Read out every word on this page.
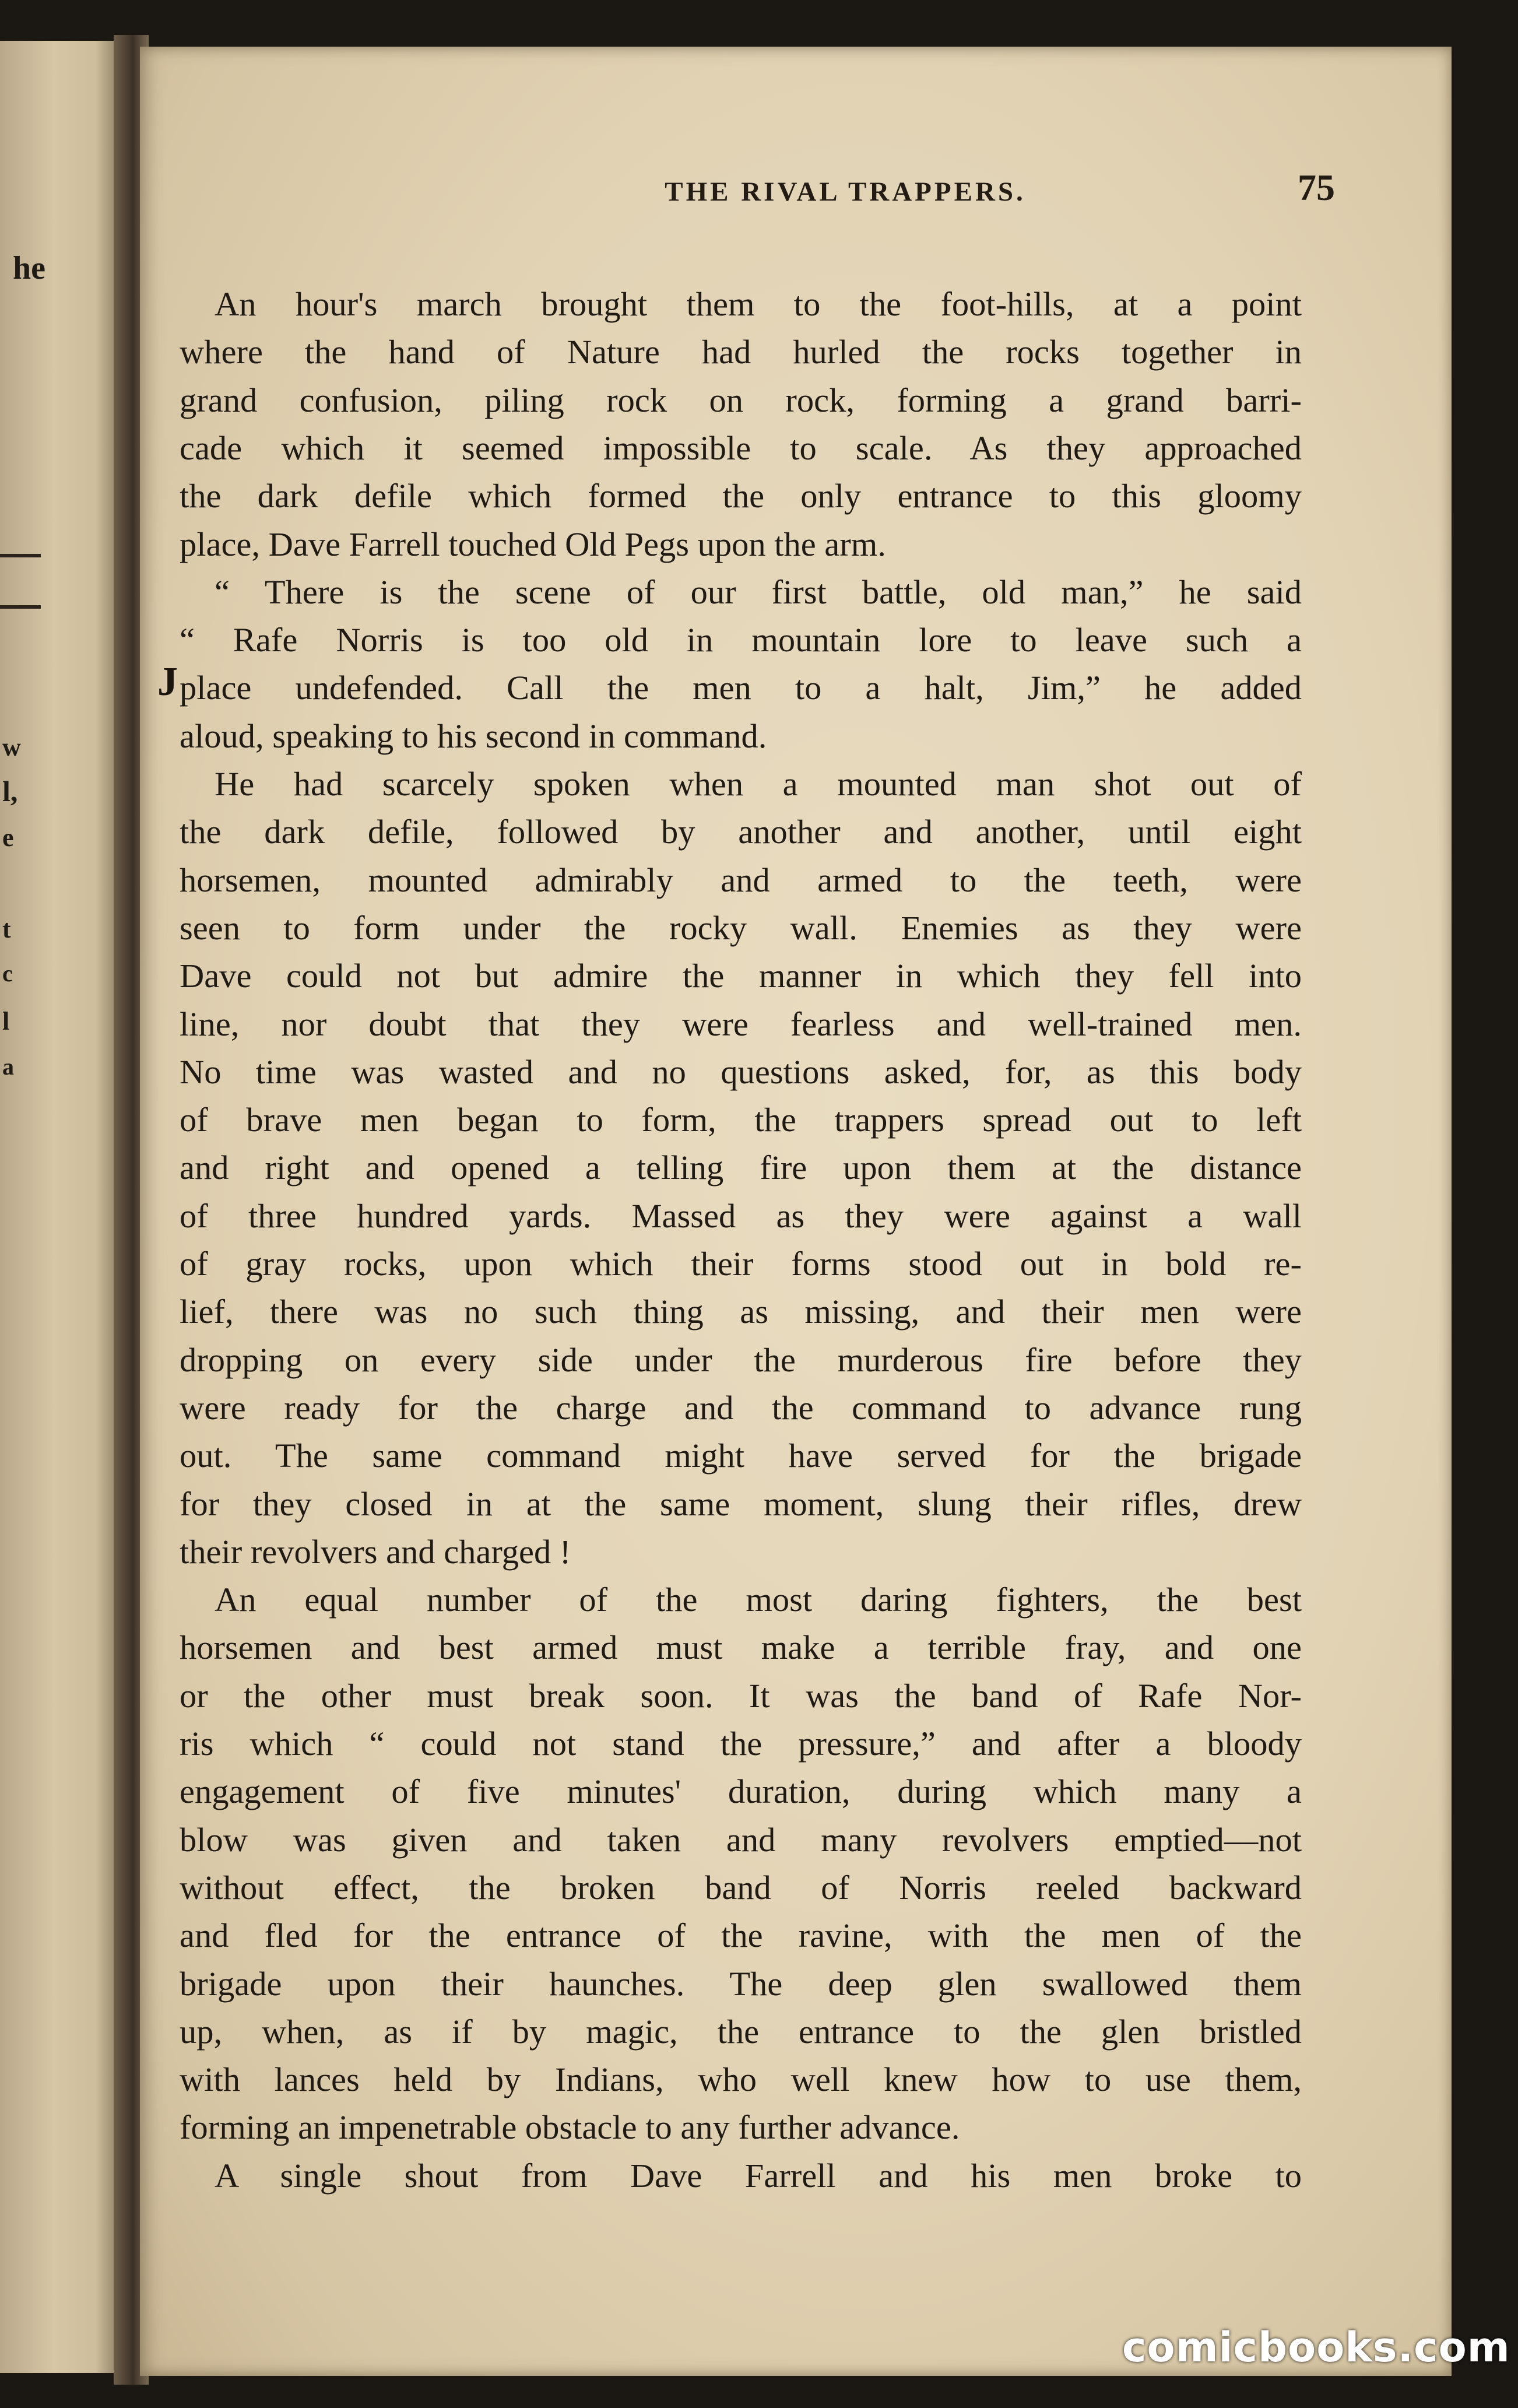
he
w
l,
e
t
c
l
a
THE RIVAL TRAPPERS.	75
J
An hour's march brought them to the foot-hills, at a point
where the hand of Nature had hurled the rocks together in
grand confusion, piling rock on rock, forming a grand barri-
cade which it seemed impossible to scale. As they approached
the dark defile which formed the only entrance to this gloomy
place, Dave Farrell touched Old Pegs upon the arm.
“ There is the scene of our first battle, old man,” he said
“ Rafe Norris is too old in mountain lore to leave such a
place undefended. Call the men to a halt, Jim,” he added
aloud, speaking to his second in command.
He had scarcely spoken when a mounted man shot out of
the dark defile, followed by another and another, until eight
horsemen, mounted admirably and armed to the teeth, were
seen to form under the rocky wall. Enemies as they were
Dave could not but admire the manner in which they fell into
line, nor doubt that they were fearless and well-trained men.
No time was wasted and no questions asked, for, as this body
of brave men began to form, the trappers spread out to left
and right and opened a telling fire upon them at the distance
of three hundred yards. Massed as they were against a wall
of gray rocks, upon which their forms stood out in bold re-
lief, there was no such thing as missing, and their men were
dropping on every side under the murderous fire before they
were ready for the charge and the command to advance rung
out. The same command might have served for the brigade
for they closed in at the same moment, slung their rifles, drew
their revolvers and charged !
An equal number of the most daring fighters, the best
horsemen and best armed must make a terrible fray, and one
or the other must break soon. It was the band of Rafe Nor-
ris which “ could not stand the pressure,” and after a bloody
engagement of five minutes' duration, during which many a
blow was given and taken and many revolvers emptied—not
without effect, the broken band of Norris reeled backward
and fled for the entrance of the ravine, with the men of the
brigade upon their haunches. The deep glen swallowed them
up, when, as if by magic, the entrance to the glen bristled
with lances held by Indians, who well knew how to use them,
forming an impenetrable obstacle to any further advance.
A single shout from Dave Farrell and his men broke to
comicbooks.com
